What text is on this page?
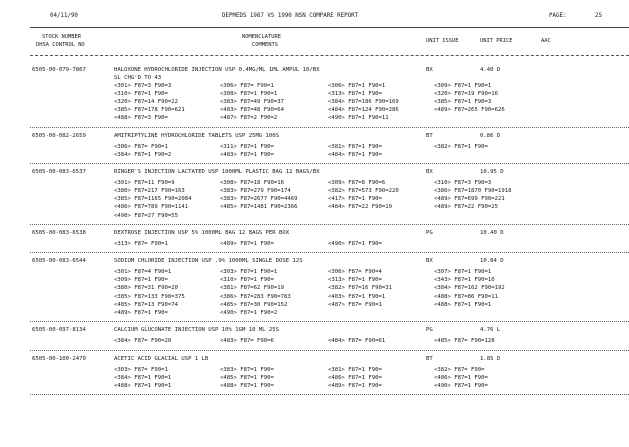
04/11/90	DEPMEDS 1987 VS 1990 NSN COMPARE REPORT	PAGE:	25
STOCK NUMBER
DHSA CONTROL NO
NOMENCLATURE
COMMENTS
UNIT ISSUE	UNIT PRICE	AAC
6505-00-079-7867	HALOXONE HYDROCHLORIDE INJECTION USP 0.4MG/ML 1ML AMPUL 10/BX	BX	4.40 D
SL CHG'D TO 43
<301> F87=3 F90=3	<306> F87= F90=1	<306> F87=1 F90=1	<309> F87=1 F90=1
<310> F87=1 F90=	<308> F87=1 F90=1	<313> F87=1 F90=	<320> F87=19 F90=16
<320> F87=14 F90=22	<383> F87=49 F90=37	<384> F87=186 F90=169	<385> F87=1 F90=3
<385> F87=178 F90=621	<483> F87=48 F90=64	<484> F87=124 F90=286	<489> F87=265 F90=626
<488> F87=3 F90=	<487> F87=2 F90=2	<490> F87=1 F90=11
6505-00-082-2659	AMITRIPTYLINE HYDROCHLORIDE TABLETS USP 25MG 100S	BT	0.86 D
<306> F87= F90=1	<311> F87=1 F90=	<381> F87=1 F90=	<382> F87=1 F90=
<384> F87=1 F90=2	<483> F87=1 F90=	<484> F87=1 F90=
6505-00-083-6537	RINGER'S INJECTION LACTATED USP 1000ML PLASTIC BAG 12 BAGS/BX	BX	10.95 D
<301> F87=11 F90=9	<308> F87=18 F90=16	<309> F87=8 F90=6	<310> F87=3 F90=3
<380> F87=217 F90=163	<383> F87=279 F90=174	<382> F87=573 F90=220	<386> F87=1870 F90=1918
<385> F87=1165 F90=2084	<383> F87=2677 F90=4469	<417> F87=1 F90=	<489> F87=699 F90=221
<486> F87=789 F90=1141	<485> F87=1481 F90=2366	<484> F87=22 F90=19	<489> F87=22 F90=25
<490> F87=27 F90=55
6505-00-083-6538	DEXTROSE INJECTION USP 5% 1000ML BAG 12 BAGS PER BOX	PG	10.40 D
<313> F87= F90=1	<489> F87=1 F90=	<490> F87=1 F90=
6505-00-083-6544	SODIUM CHLORIDE INJECTION USP .9% 1000ML SINGLE DOSE 12S	BX	10.84 D
<301> F87=4 F90=1	<303> F87=1 F90=1	<306> F87= F90=4	<307> F87=1 F90=1
<309> F87=1 F90=	<310> F87=1 F90=	<313> F87=1 F90=	<343> F87=1 F90=10
<380> F87=31 F90=20	<381> F87=62 F90=19	<382> F87=16 F90=31	<384> F87=162 F90=192
<385> F87=133 F90=375	<386> F87=283 F90=783	<403> F87=1 F90=1	<488> F87=86 F90=11
<485> F87=13 F90=74	<485> F87=30 F90=152	<487> F87= F90=1	<488> F87=1 F90=1
<489> F87=1 F90=	<490> F87=1 F90=2
6505-00-097-8134	CALCIUM GLUCONATE INJECTION USP 10% 1GM 10 ML 25S	PG	4.76 L
<384> F87= F90=20	<483> F87= F90=6	<484> F87= F90=61	<485> F87= F90=128
6505-00-100-2470	ACETIC ACID GLACIAL USP 1 LB	BT	1.85 D
<303> F87= F90=1	<383> F87=1 F90=	<381> F87=1 F90=	<382> F87= F90=
<384> F87=1 F90=1	<485> F87=1 F90=	<486> F87=1 F90=	<486> F87=1 F90=
<488> F87=1 F90=1	<488> F87=1 F90=	<489> F87=1 F90=	<490> F87=1 F90=
